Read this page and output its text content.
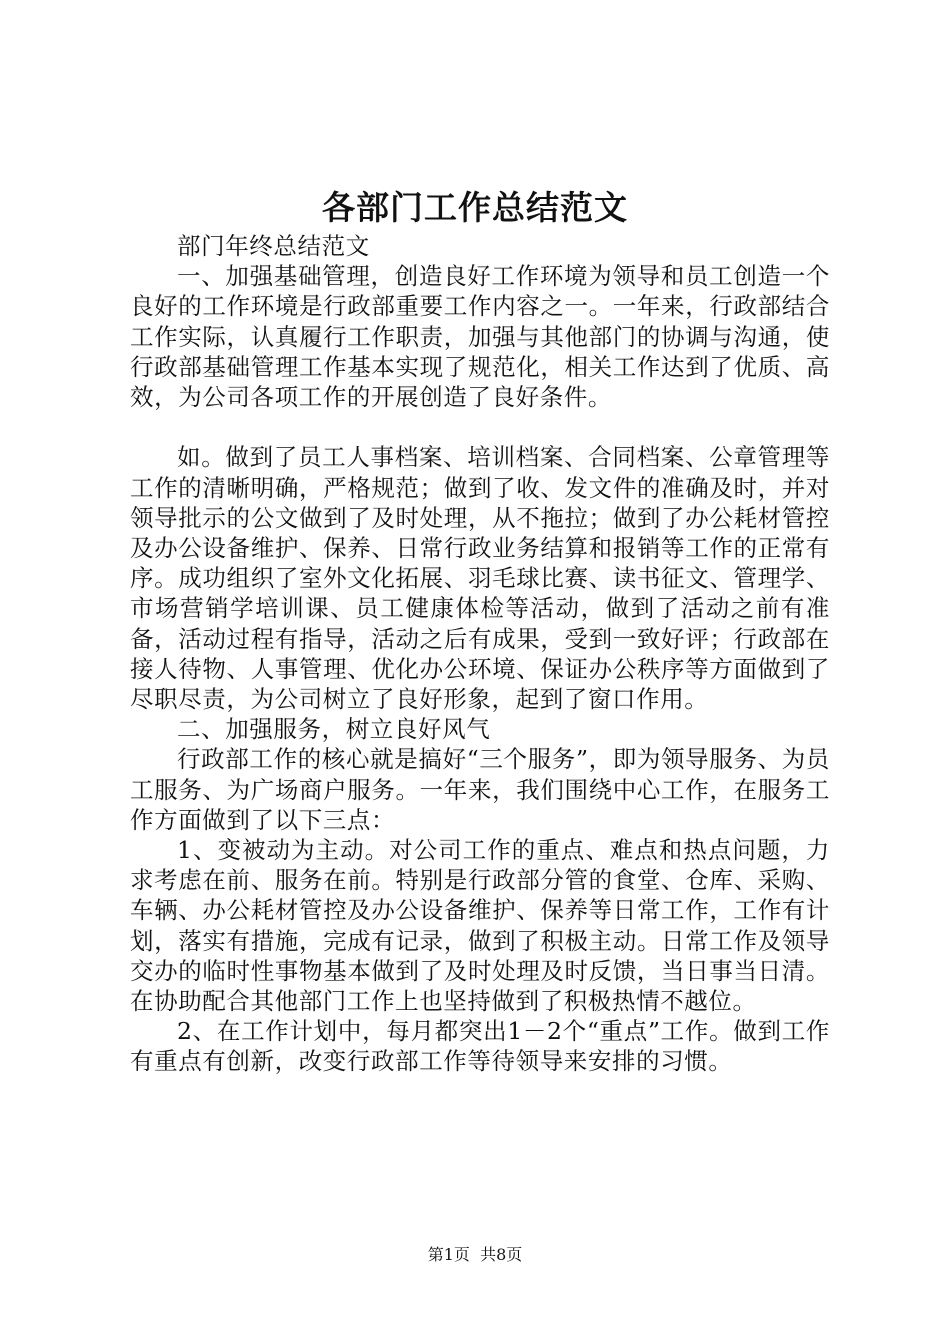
各部门工作总结范文

部门年终总结范文

一、加强基础管理，创造良好工作环境为领导和员工创造一个良好的工作环境是行政部重要工作内容之一。一年来，行政部结合工作实际，认真履行工作职责，加强与其他部门的协调与沟通，使行政部基础管理工作基本实现了规范化，相关工作达到了优质、高效，为公司各项工作的开展创造了良好条件。

如。做到了员工人事档案、培训档案、合同档案、公章管理等工作的清晰明确，严格规范；做到了收、发文件的准确及时，并对领导批示的公文做到了及时处理，从不拖拉；做到了办公耗材管控及办公设备维护、保养、日常行政业务结算和报销等工作的正常有序。成功组织了室外文化拓展、羽毛球比赛、读书征文、管理学、市场营销学培训课、员工健康体检等活动，做到了活动之前有准备，活动过程有指导，活动之后有成果，受到一致好评；行政部在接人待物、人事管理、优化办公环境、保证办公秩序等方面做到了尽职尽责，为公司树立了良好形象，起到了窗口作用。

二、加强服务，树立良好风气

行政部工作的核心就是搞好“三个服务”，即为领导服务、为员工服务、为广场商户服务。一年来，我们围绕中心工作，在服务工作方面做到了以下三点：

1、变被动为主动。对公司工作的重点、难点和热点问题，力求考虑在前、服务在前。特别是行政部分管的食堂、仓库、采购、车辆、办公耗材管控及办公设备维护、保养等日常工作，工作有计划，落实有措施，完成有记录，做到了积极主动。日常工作及领导交办的临时性事物基本做到了及时处理及时反馈，当日事当日清。在协助配合其他部门工作上也坚持做到了积极热情不越位。

2、在工作计划中，每月都突出1－2个“重点”工作。做到工作有重点有创新，改变行政部工作等待领导来安排的习惯。

第1页 共8页
